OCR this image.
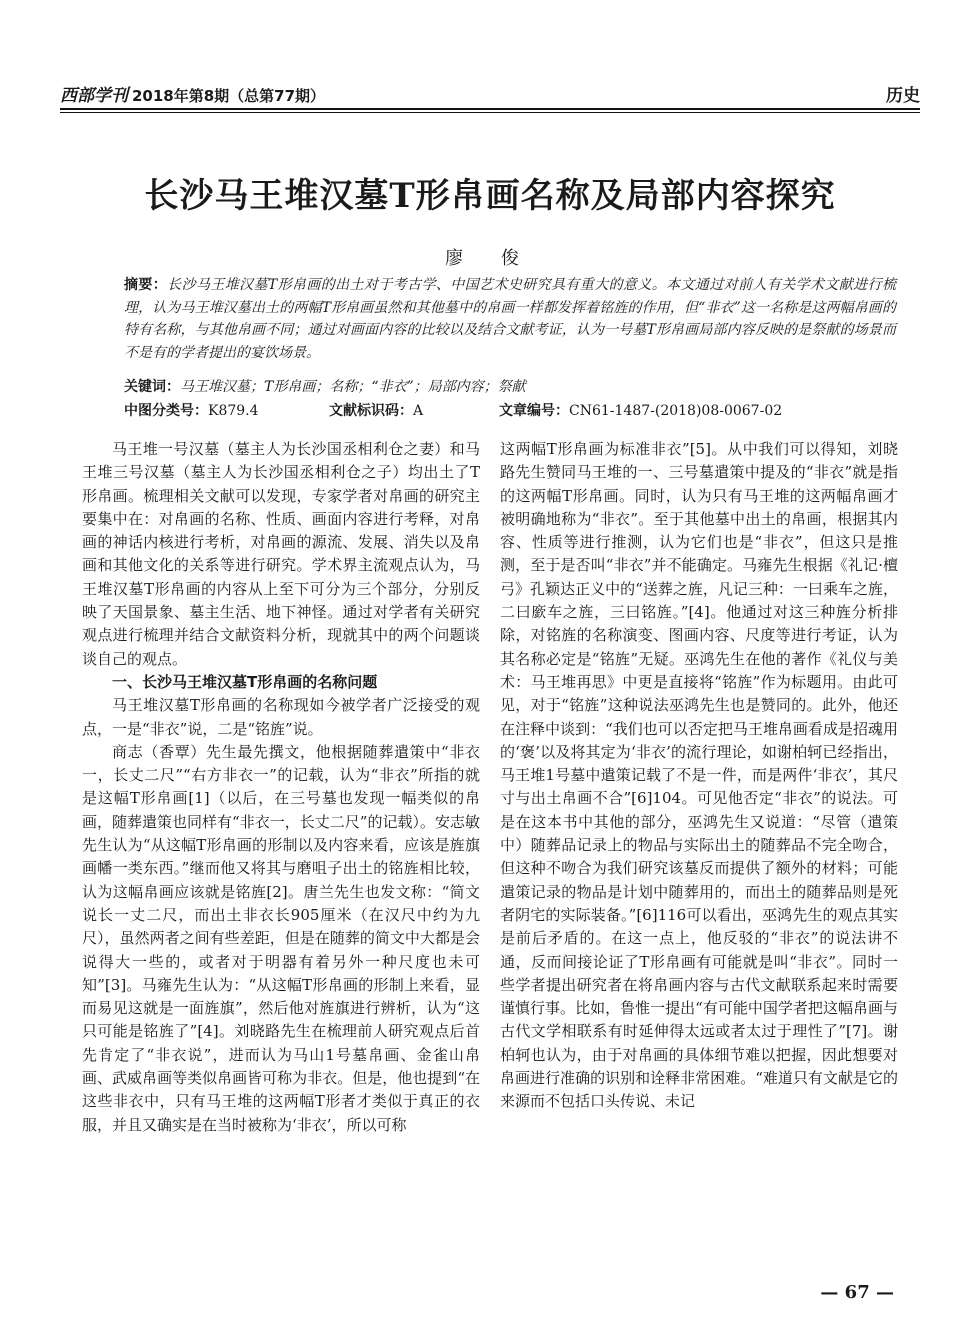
西部学刊 2018年第8期（总第77期）	历史
长沙马王堆汉墓T形帛画名称及局部内容探究
廖 俊
摘要：长沙马王堆汉墓T形帛画的出土对于考古学、中国艺术史研究具有重大的意义。本文通过对前人有关学术文献进行梳理，认为马王堆汉墓出土的两幅T形帛画虽然和其他墓中的帛画一样都发挥着铭旌的作用，但“非衣”这一名称是这两幅帛画的特有名称，与其他帛画不同；通过对画面内容的比较以及结合文献考证，认为一号墓T形帛画局部内容反映的是祭献的场景而不是有的学者提出的宴饮场景。
关键词：马王堆汉墓；T形帛画；名称；“非衣”；局部内容；祭献
中图分类号：K879.4	文献标识码：A	文章编号：CN61-1487-(2018)08-0067-02

马王堆一号汉墓（墓主人为长沙国丞相利仓之妻）和马王堆三号汉墓（墓主人为长沙国丞相利仓之子）均出土了T形帛画。梳理相关文献可以发现，专家学者对帛画的研究主要集中在：对帛画的名称、性质、画面内容进行考释，对帛画的神话内核进行考析，对帛画的源流、发展、消失以及帛画和其他文化的关系等进行研究。学术界主流观点认为，马王堆汉墓T形帛画的内容从上至下可分为三个部分，分别反映了天国景象、墓主生活、地下神怪。通过对学者有关研究观点进行梳理并结合文献资料分析，现就其中的两个问题谈谈自己的观点。

一、长沙马王堆汉墓T形帛画的名称问题

马王堆汉墓T形帛画的名称现如今被学者广泛接受的观点，一是“非衣”说，二是“铭旌”说。

商志（香覃）先生最先撰文，他根据随葬遣策中“非衣一，长丈二尺”“右方非衣一”的记载，认为“非衣”所指的就是这幅T形帛画[1]（以后，在三号墓也发现一幅类似的帛画，随葬遣策也同样有“非衣一，长丈二尺”的记载）。安志敏先生认为“从这幅T形帛画的形制以及内容来看，应该是旌旗画幡一类东西。”继而他又将其与磨咀子出土的铭旌相比较，认为这幅帛画应该就是铭旌[2]。唐兰先生也发文称：“简文说长一丈二尺，而出土非衣长905厘米（在汉尺中约为九尺），虽然两者之间有些差距，但是在随葬的简文中大都是会说得大一些的，或者对于明器有着另外一种尺度也未可知”[3]。马雍先生认为：“从这幅T形帛画的形制上来看，显而易见这就是一面旌旗”，然后他对旌旗进行辨析，认为“这只可能是铭旌了”[4]。刘晓路先生在梳理前人研究观点后首先肯定了“非衣说”，进而认为马山1号墓帛画、金雀山帛画、武威帛画等类似帛画皆可称为非衣。但是，他也提到“在这些非衣中，只有马王堆的这两幅T形者才类似于真正的衣服，并且又确实是在当时被称为‘非衣’，所以可称

这两幅T形帛画为标准非衣”[5]。从中我们可以得知，刘晓路先生赞同马王堆的一、三号墓遣策中提及的“非衣”就是指的这两幅T形帛画。同时，认为只有马王堆的这两幅帛画才被明确地称为“非衣”。至于其他墓中出土的帛画，根据其内容、性质等进行推测，认为它们也是“非衣”，但这只是推测，至于是否叫“非衣”并不能确定。马雍先生根据《礼记·檀弓》孔颖达正义中的“送葬之旌，凡记三种：一曰乘车之旌，二曰廞车之旌，三曰铭旌。”[4]。他通过对这三种旌分析排除，对铭旌的名称演变、图画内容、尺度等进行考证，认为其名称必定是“铭旌”无疑。巫鸿先生在他的著作《礼仪与美术：马王堆再思》中更是直接将“铭旌”作为标题用。由此可见，对于“铭旌”这种说法巫鸿先生也是赞同的。此外，他还在注释中谈到：“我们也可以否定把马王堆帛画看成是招魂用的‘褒’以及将其定为‘非衣’的流行理论，如谢柏轲已经指出，马王堆1号墓中遣策记载了不是一件，而是两件‘非衣’，其尺寸与出土帛画不合”[6]104。可见他否定“非衣”的说法。可是在这本书中其他的部分，巫鸿先生又说道：“尽管（遣策中）随葬品记录上的物品与实际出土的随葬品不完全吻合，但这种不吻合为我们研究该墓反而提供了额外的材料；可能遣策记录的物品是计划中随葬用的，而出土的随葬品则是死者阴宅的实际装备。”[6]116可以看出，巫鸿先生的观点其实是前后矛盾的。在这一点上，他反驳的“非衣”的说法讲不通，反而间接论证了T形帛画有可能就是叫“非衣”。同时一些学者提出研究者在将帛画内容与古代文献联系起来时需要谨慎行事。比如，鲁惟一提出“有可能中国学者把这幅帛画与古代文学相联系有时延伸得太远或者太过于理性了”[7]。谢柏轲也认为，由于对帛画的具体细节难以把握，因此想要对帛画进行准确的识别和诠释非常困难。“难道只有文献是它的来源而不包括口头传说、未记

— 67 —
